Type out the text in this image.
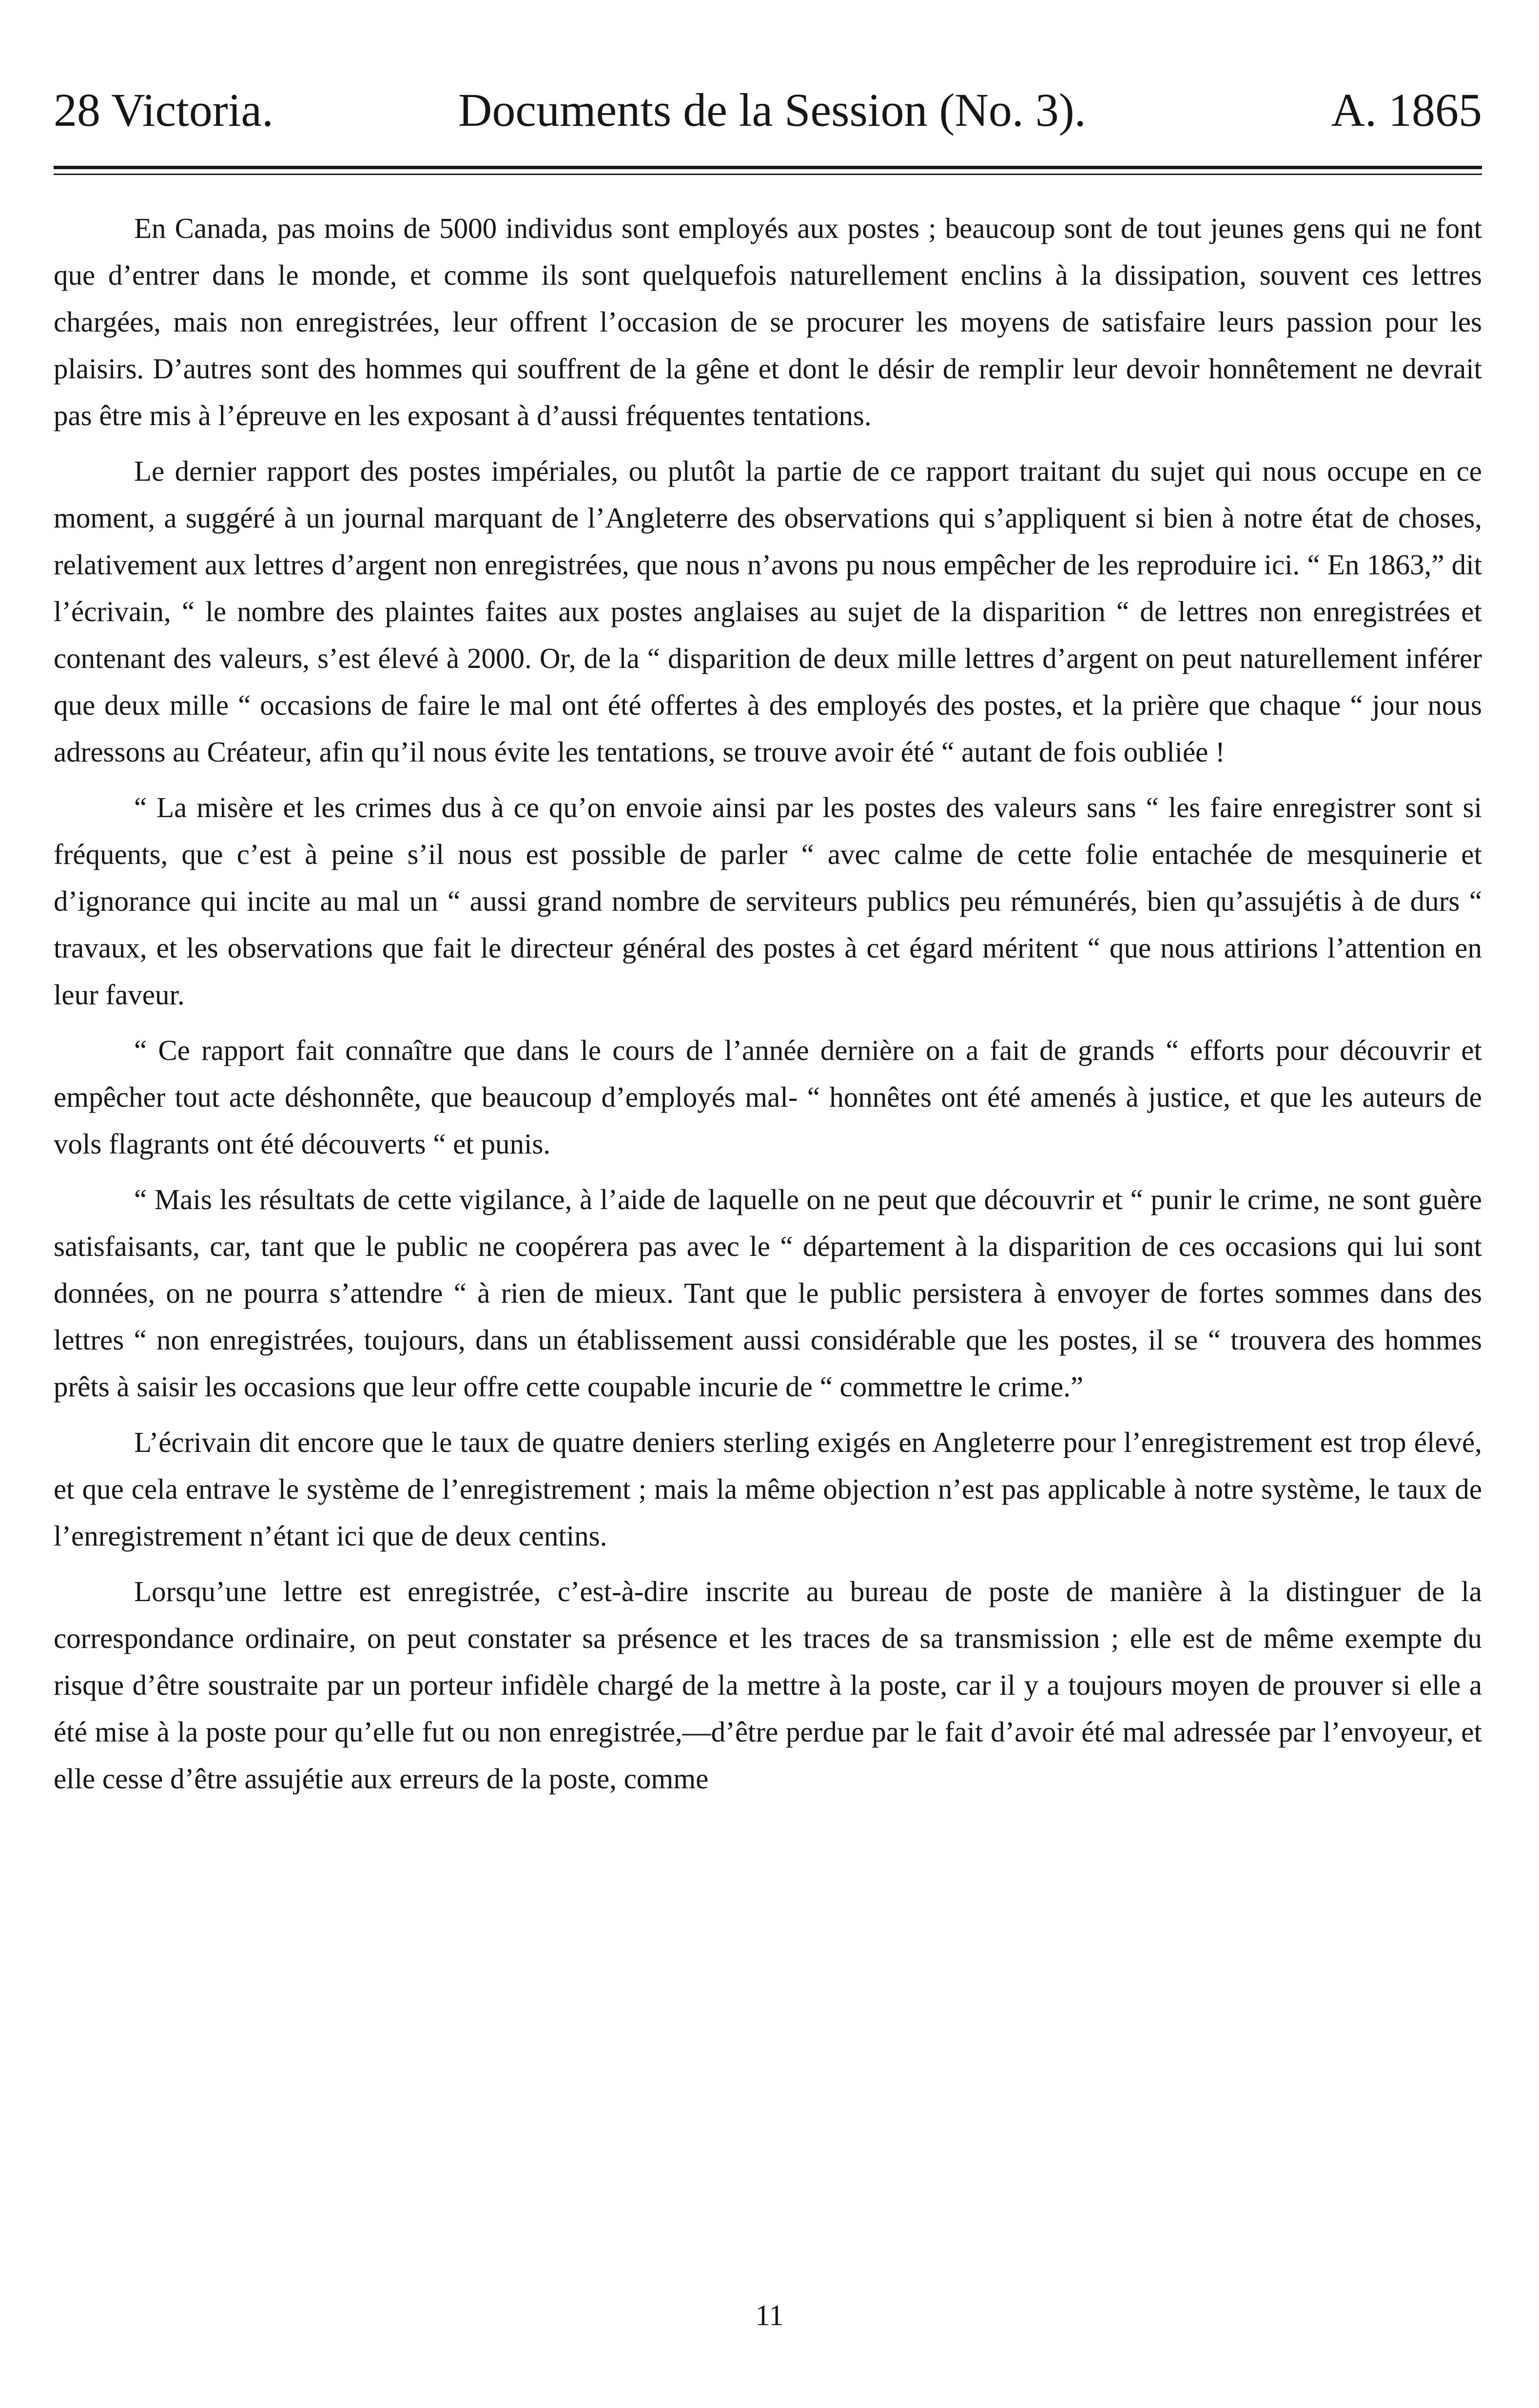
28 Victoria.	Documents de la Session (No. 3).	A. 1865

En Canada, pas moins de 5000 individus sont employés aux postes ; beaucoup sont de tout jeunes gens qui ne font que d’entrer dans le monde, et comme ils sont quelquefois naturellement enclins à la dissipation, souvent ces lettres chargées, mais non enregistrées, leur offrent l’occasion de se procurer les moyens de satisfaire leurs passion pour les plaisirs. D’autres sont des hommes qui souffrent de la gêne et dont le désir de remplir leur devoir honnêtement ne devrait pas être mis à l’épreuve en les exposant à d’aussi fréquentes tentations.

Le dernier rapport des postes impériales, ou plutôt la partie de ce rapport traitant du sujet qui nous occupe en ce moment, a suggéré à un journal marquant de l’Angleterre des observations qui s’appliquent si bien à notre état de choses, relativement aux lettres d’argent non enregistrées, que nous n’avons pu nous empêcher de les reproduire ici. “ En 1863,” dit l’écrivain, “ le nombre des plaintes faites aux postes anglaises au sujet de la disparition “ de lettres non enregistrées et contenant des valeurs, s’est élevé à 2000. Or, de la “ disparition de deux mille lettres d’argent on peut naturellement inférer que deux mille “ occasions de faire le mal ont été offertes à des employés des postes, et la prière que chaque “ jour nous adressons au Créateur, afin qu’il nous évite les tentations, se trouve avoir été “ autant de fois oubliée !

“ La misère et les crimes dus à ce qu’on envoie ainsi par les postes des valeurs sans “ les faire enregistrer sont si fréquents, que c’est à peine s’il nous est possible de parler “ avec calme de cette folie entachée de mesquinerie et d’ignorance qui incite au mal un “ aussi grand nombre de serviteurs publics peu rémunérés, bien qu’assujétis à de durs “ travaux, et les observations que fait le directeur général des postes à cet égard méritent “ que nous attirions l’attention en leur faveur.

“ Ce rapport fait connaître que dans le cours de l’année dernière on a fait de grands “ efforts pour découvrir et empêcher tout acte déshonnête, que beaucoup d’employés mal- “ honnêtes ont été amenés à justice, et que les auteurs de vols flagrants ont été découverts “ et punis.

“ Mais les résultats de cette vigilance, à l’aide de laquelle on ne peut que découvrir et “ punir le crime, ne sont guère satisfaisants, car, tant que le public ne coopérera pas avec le “ département à la disparition de ces occasions qui lui sont données, on ne pourra s’attendre “ à rien de mieux. Tant que le public persistera à envoyer de fortes sommes dans des lettres “ non enregistrées, toujours, dans un établissement aussi considérable que les postes, il se “ trouvera des hommes prêts à saisir les occasions que leur offre cette coupable incurie de “ commettre le crime.”

L’écrivain dit encore que le taux de quatre deniers sterling exigés en Angleterre pour l’enregistrement est trop élevé, et que cela entrave le système de l’enregistrement ; mais la même objection n’est pas applicable à notre système, le taux de l’enregistrement n’étant ici que de deux centins.

Lorsqu’une lettre est enregistrée, c’est-à-dire inscrite au bureau de poste de manière à la distinguer de la correspondance ordinaire, on peut constater sa présence et les traces de sa transmission ; elle est de même exempte du risque d’être soustraite par un porteur infidèle chargé de la mettre à la poste, car il y a toujours moyen de prouver si elle a été mise à la poste pour qu’elle fut ou non enregistrée,—d’être perdue par le fait d’avoir été mal adressée par l’envoyeur, et elle cesse d’être assujétie aux erreurs de la poste, comme

11
